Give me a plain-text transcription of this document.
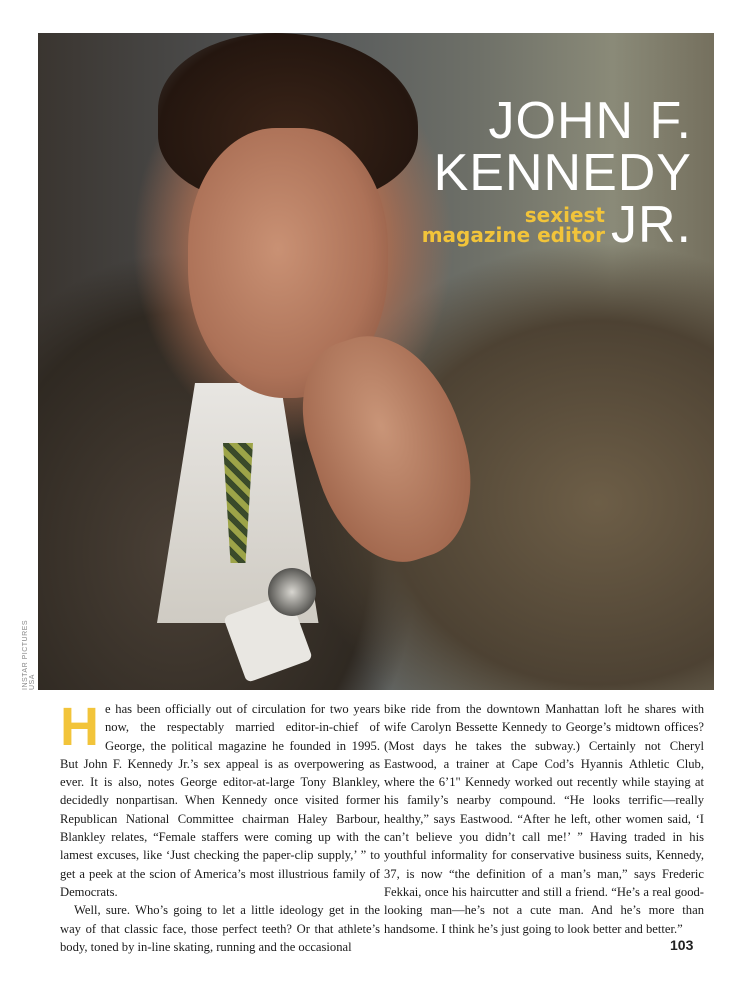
JOHN F.
KENNEDY
sexiest
magazine editor JR.
INSTAR PICTURES USA

He has been officially out of circulation for two years now, the respectably married editor-in-chief of George, the political magazine he founded in 1995. But John F. Kennedy Jr.’s sex appeal is as overpowering as ever. It is also, notes George editor-at-large Tony Blankley, decidedly nonpartisan. When Kennedy once visited former Republican National Committee chairman Haley Barbour, Blankley relates, “Female staffers were coming up with the lamest excuses, like ‘Just checking the paper-clip supply,’ ” to get a peek at the scion of America’s most illustrious family of Democrats.

Well, sure. Who’s going to let a little ideology get in the way of that classic face, those perfect teeth? Or that athlete’s body, toned by in-line skating, running and the occasional

bike ride from the downtown Manhattan loft he shares with wife Carolyn Bessette Kennedy to George’s midtown offices? (Most days he takes the subway.) Certainly not Cheryl Eastwood, a trainer at Cape Cod’s Hyannis Athletic Club, where the 6’1" Kennedy worked out recently while staying at his family’s nearby compound. “He looks terrific—really healthy,” says Eastwood. “After he left, other women said, ‘I can’t believe you didn’t call me!’ ” Having traded in his youthful informality for conservative business suits, Kennedy, 37, is now “the definition of a man’s man,” says Frederic Fekkai, once his haircutter and still a friend. “He’s a real good-looking man—he’s not a cute man. And he’s more than handsome. I think he’s just going to look better and better.”

103
